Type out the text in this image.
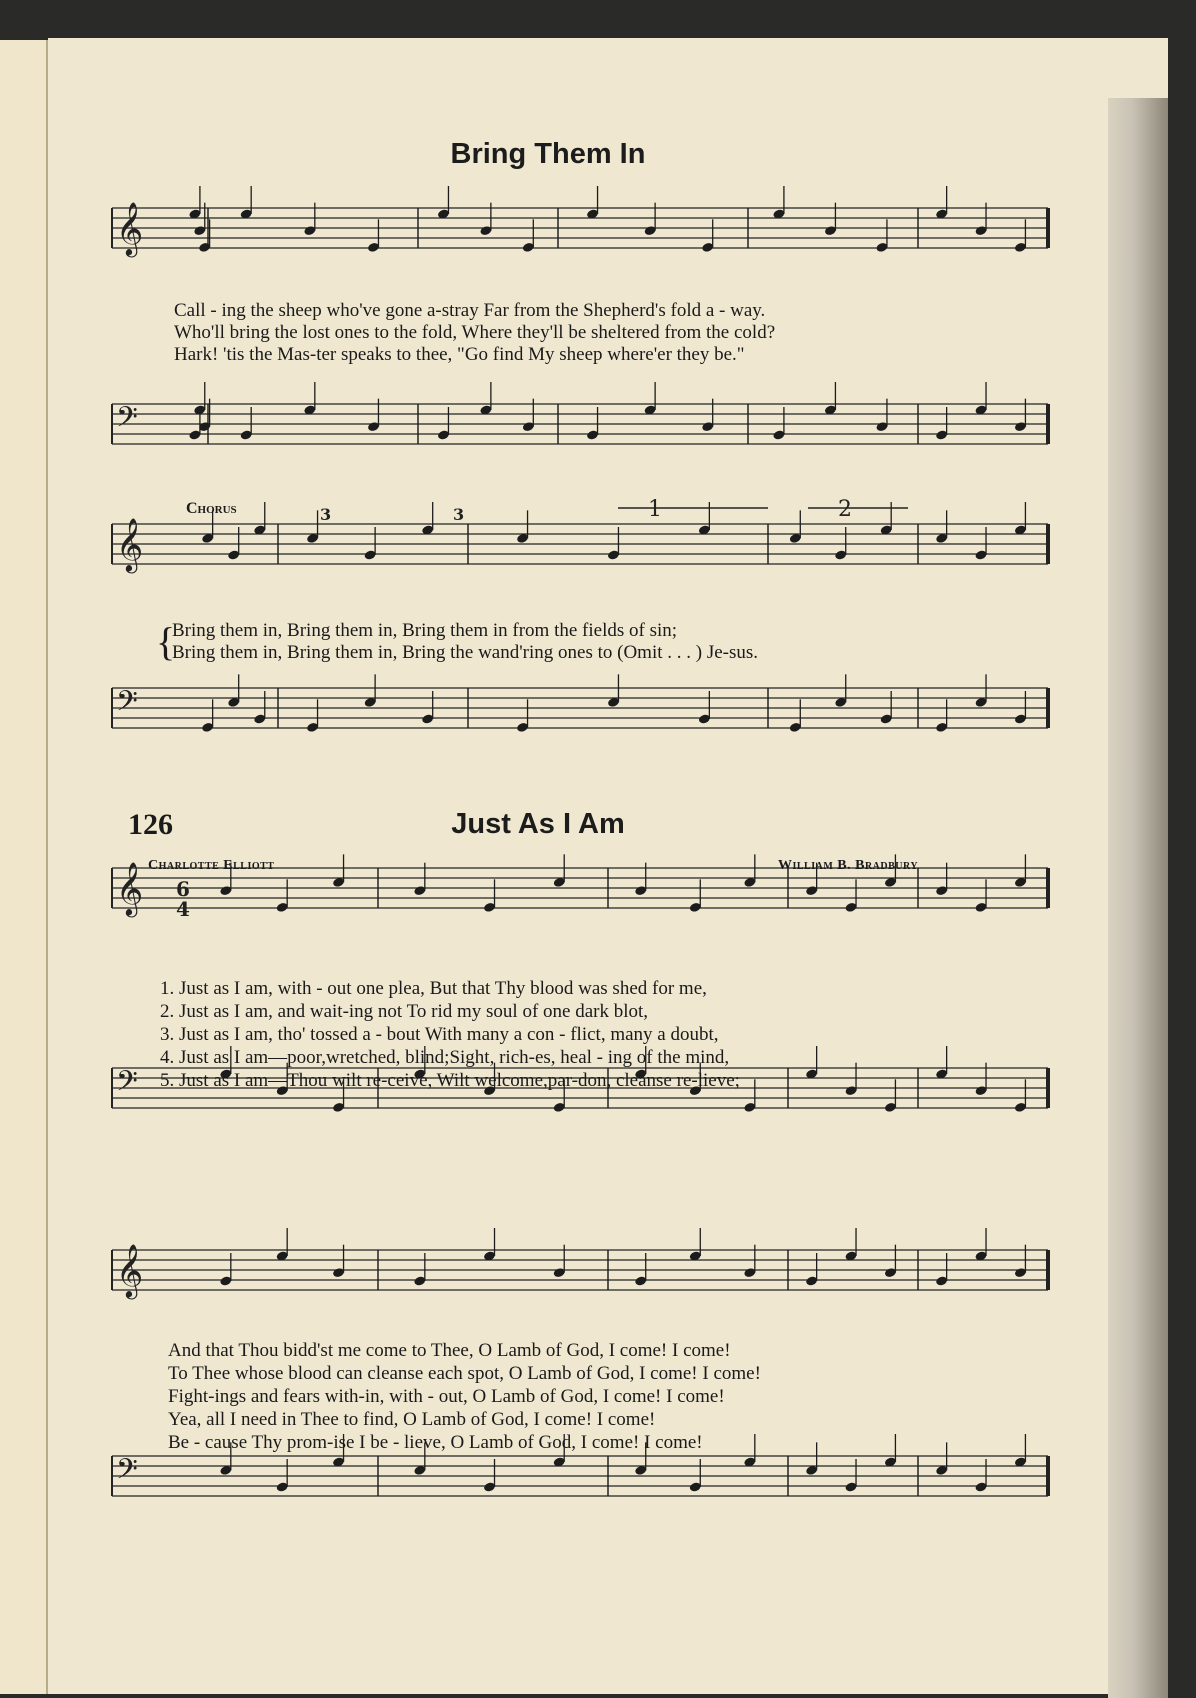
Bring Them In
𝄞
𝄢
𝄞
𝄢
𝄞
𝄢
𝄞
𝄢
1	2
3	3
6
4
Call - ing the sheep who've gone a-stray Far from the Shepherd's fold a - way.
Who'll bring the lost ones to the fold, Where they'll be sheltered from the cold?
Hark! 'tis the Mas-ter speaks to thee, "Go find My sheep where'er they be."
Chorus
{
Bring them in, Bring them in, Bring them in from the fields of sin;
Bring them in, Bring them in, Bring the wand'ring ones to (Omit . . . ) Je-sus.
126	Just As I Am
Charlotte Elliott	William B. Bradbury
1. Just as I am, with - out one plea, But that Thy blood was shed for me,
2. Just as I am, and wait-ing not To rid my soul of one dark blot,
3. Just as I am, tho' tossed a - bout With many a con - flict, many a doubt,
4. Just as I am—poor,wretched, blind;Sight, rich-es, heal - ing of the mind,
5. Just as I am—Thou wilt re-ceive, Wilt welcome,par-don, cleanse re-lieve;
And that Thou bidd'st me come to Thee, O Lamb of God, I come! I come!
To Thee whose blood can cleanse each spot, O Lamb of God, I come! I come!
Fight-ings and fears with-in, with - out, O Lamb of God, I come! I come!
Yea, all I need in Thee to find, O Lamb of God, I come! I come!
Be - cause Thy prom-ise I be - lieve, O Lamb of God, I come! I come!
